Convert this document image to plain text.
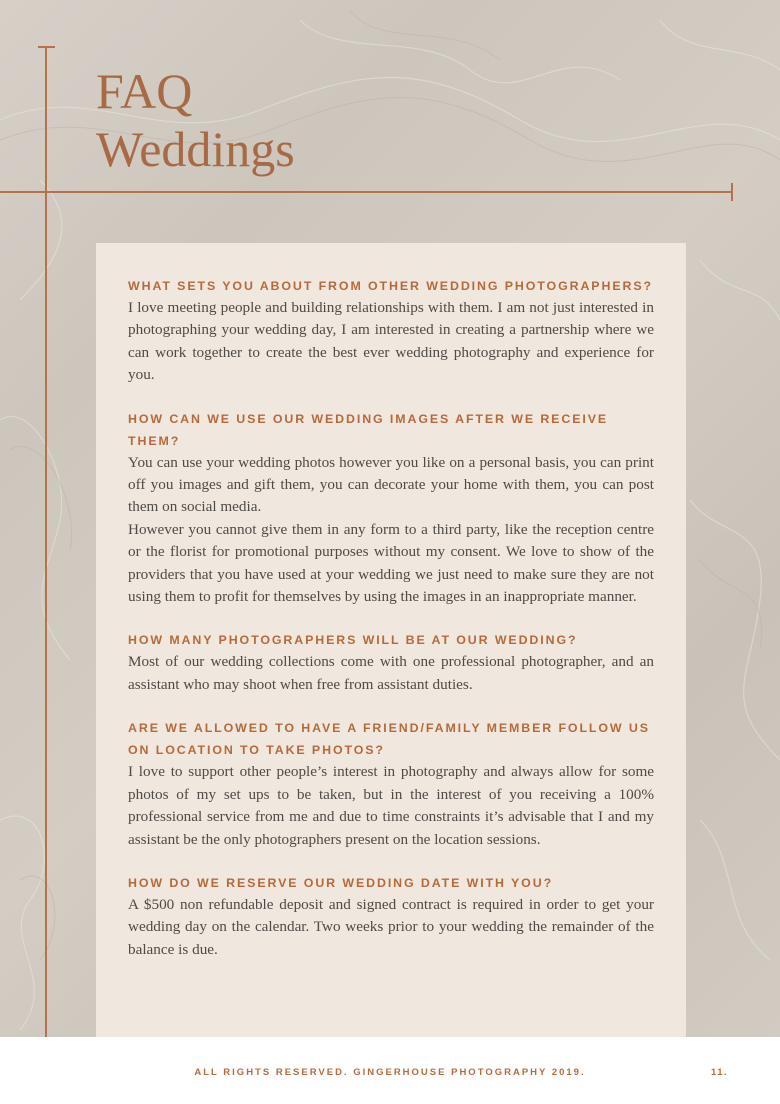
FAQ
Weddings

WHAT SETS YOU ABOUT FROM OTHER WEDDING PHOTOGRAPHERS?

I love meeting people and building relationships with them. I am not just interested in photographing your wedding day, I am interested in creating a partnership where we can work together to create the best ever wedding photography and experience for you.

HOW CAN WE USE OUR WEDDING IMAGES AFTER WE RECEIVE THEM?

You can use your wedding photos however you like on a personal basis, you can print off you images and gift them, you can decorate your home with them, you can post them on social media.

However you cannot give them in any form to a third party, like the reception centre or the florist for promotional purposes without my consent. We love to show of the providers that you have used at your wedding we just need to make sure they are not using them to profit for themselves by using the images in an inappropriate manner.

HOW MANY PHOTOGRAPHERS WILL BE AT OUR WEDDING?

Most of our wedding collections come with one professional photographer, and an assistant who may shoot when free from assistant duties.

ARE WE ALLOWED TO HAVE A FRIEND/FAMILY MEMBER FOLLOW US ON LOCATION TO TAKE PHOTOS?

I love to support other people’s interest in photography and always allow for some photos of my set ups to be taken, but in the interest of you receiving a 100% professional service from me and due to time constraints it’s advisable that I and my assistant be the only photographers present on the location sessions.

HOW DO WE RESERVE OUR WEDDING DATE WITH YOU?

A $500 non refundable deposit and signed contract is required in order to get your wedding day on the calendar. Two weeks prior to your wedding the remainder of the balance is due.

ALL RIGHTS RESERVED. GINGERHOUSE PHOTOGRAPHY 2019.	11.
